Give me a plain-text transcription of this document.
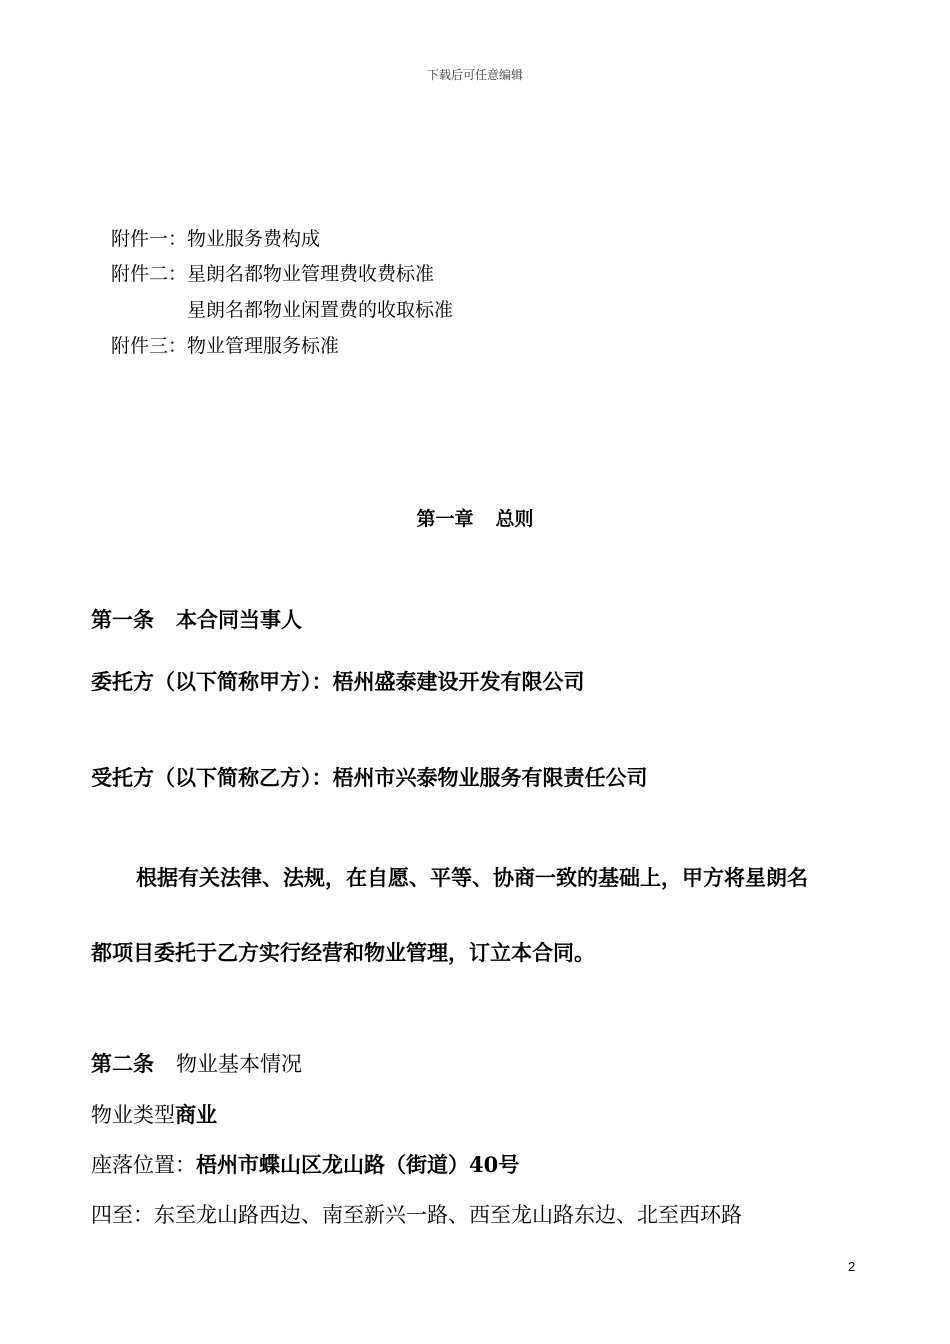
下载后可任意编辑
附件一：物业服务费构成
附件二：星朗名都物业管理费收费标准
星朗名都物业闲置费的收取标准
附件三：物业管理服务标准
第一章 总则
第一条 本合同当事人
委托方（以下简称甲方）：梧州盛泰建设开发有限公司
受托方（以下简称乙方）：梧州市兴泰物业服务有限责任公司
根据有关法律、法规，在自愿、平等、协商一致的基础上，甲方将星朗名
都项目委托于乙方实行经营和物业管理，订立本合同。
第二条 物业基本情况
物业类型商业
座落位置：梧州市蝶山区龙山路（街道）40号
四至：东至龙山路西边、南至新兴一路、西至龙山路东边、北至西环路
2
